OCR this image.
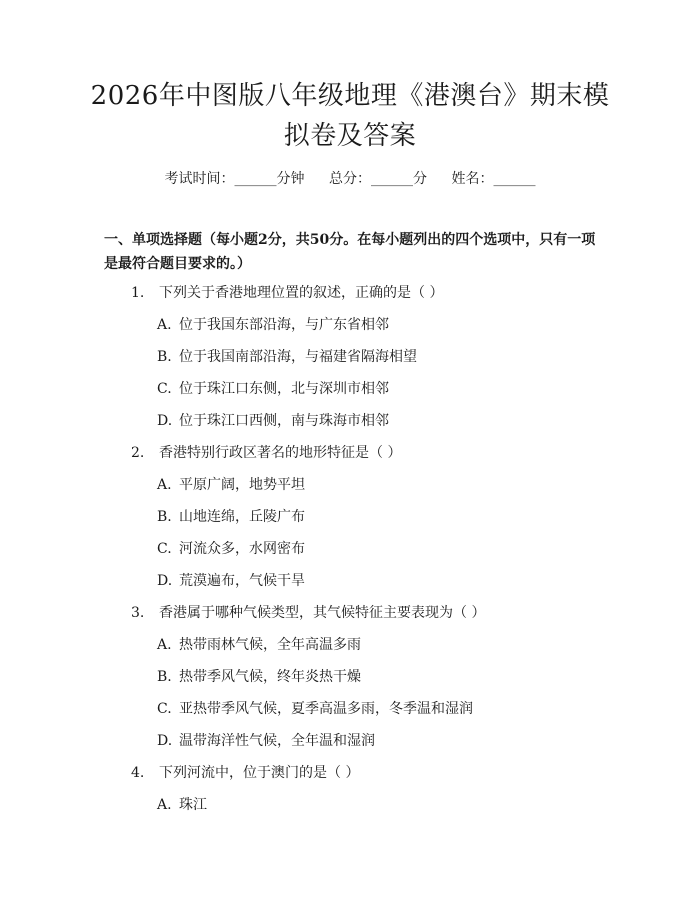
2026年中图版八年级地理《港澳台》期末模
拟卷及答案
考试时间：______分钟 总分：______分 姓名：______

一、单项选择题（每小题2分，共50分。在每小题列出的四个选项中，只有一项是最符合题目要求的。）

1. 下列关于香港地理位置的叙述，正确的是（ ）
A. 位于我国东部沿海，与广东省相邻
B. 位于我国南部沿海，与福建省隔海相望
C. 位于珠江口东侧，北与深圳市相邻
D. 位于珠江口西侧，南与珠海市相邻
2. 香港特别行政区著名的地形特征是（ ）
A. 平原广阔，地势平坦
B. 山地连绵，丘陵广布
C. 河流众多，水网密布
D. 荒漠遍布，气候干旱
3. 香港属于哪种气候类型，其气候特征主要表现为（ ）
A. 热带雨林气候，全年高温多雨
B. 热带季风气候，终年炎热干燥
C. 亚热带季风气候，夏季高温多雨，冬季温和湿润
D. 温带海洋性气候，全年温和湿润
4. 下列河流中，位于澳门的是（ ）
A. 珠江
